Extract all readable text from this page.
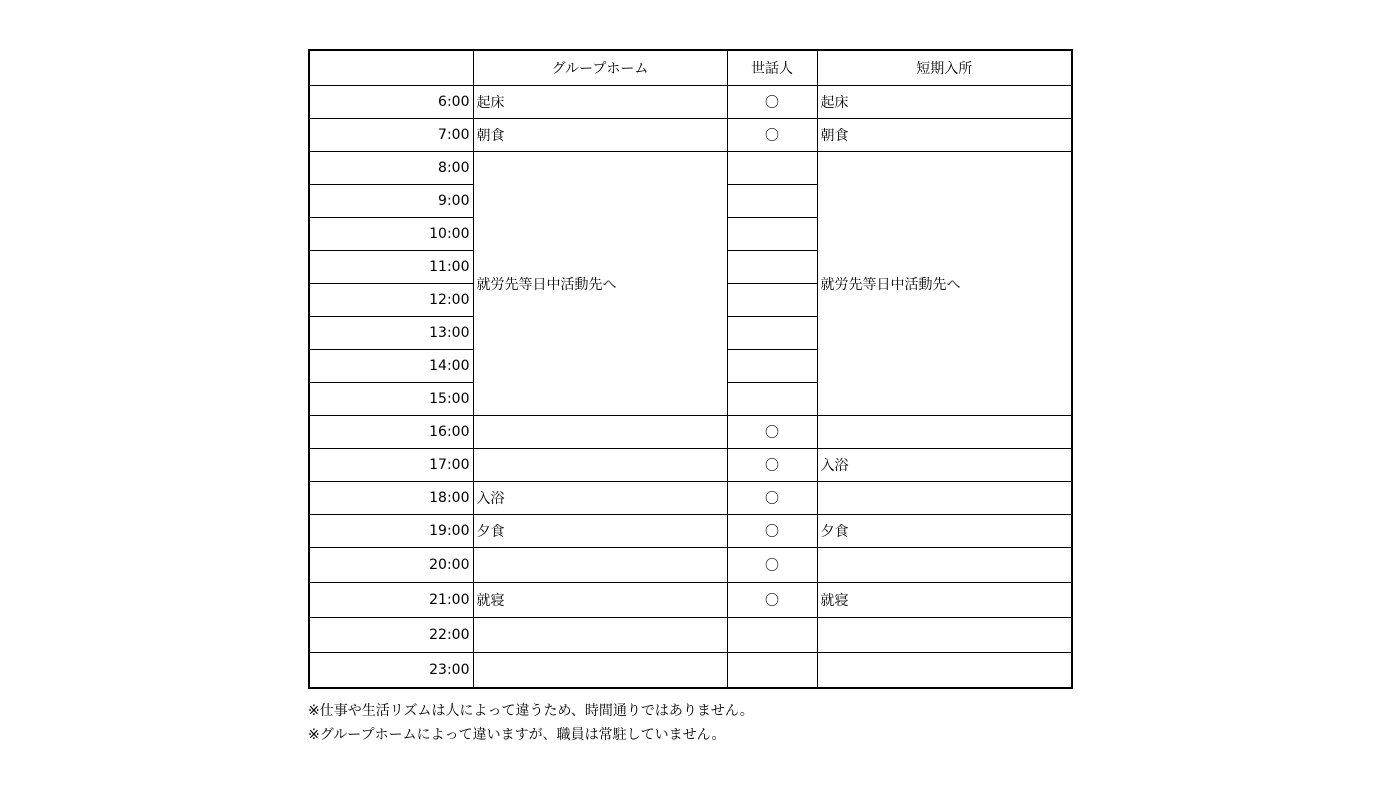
	グループホーム	世話人	短期入所
6:00	起床	〇	起床
7:00	朝食	〇	朝食
8:00	就労先等日中活動先へ		就労先等日中活動先へ
9:00			
10:00			
11:00			
12:00			
13:00			
14:00			
15:00			
16:00		〇	
17:00		〇	入浴
18:00	入浴	〇	
19:00	夕食	〇	夕食
20:00		〇	
21:00	就寝	〇	就寝
22:00			
23:00			
※仕事や生活リズムは人によって違うため、時間通りではありません。
※グループホームによって違いますが、職員は常駐していません。
